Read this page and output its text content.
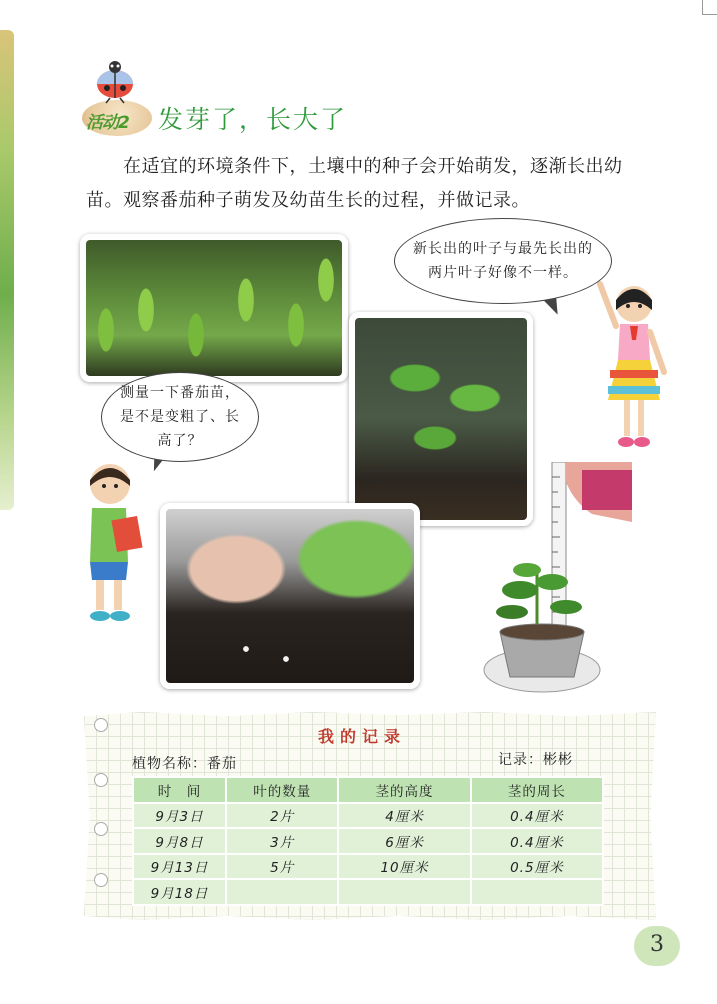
活动2 发芽了，长大了
在适宜的环境条件下，土壤中的种子会开始萌发，逐渐长出幼苗。观察番茄种子萌发及幼苗生长的过程，并做记录。
新长出的叶子与最先长出的两片叶子好像不一样。
测量一下番茄苗，是不是变粗了、长高了？
我的记录
植物名称：番茄	记录：彬彬
时　间	叶的数量	茎的高度	茎的周长
9月3日	2片	4厘米	0.4厘米
9月8日	3片	6厘米	0.4厘米
9月13日	5片	10厘米	0.5厘米
9月18日			
3
